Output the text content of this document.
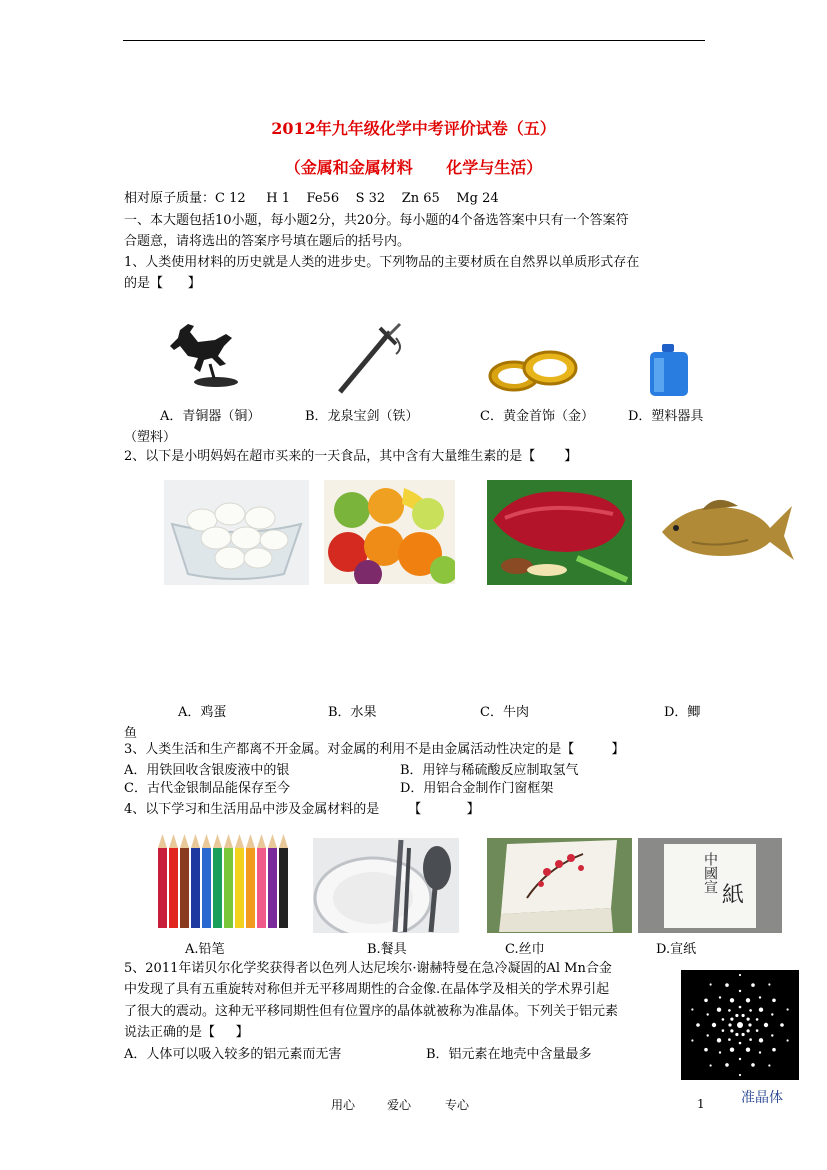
2012年九年级化学中考评价试卷（五）
（金属和金属材料      化学与生活）
相对原子质量：C 12     H 1    Fe56    S 32    Zn 65    Mg 24
一、本大题包括10小题，每小题2分，共20分。每小题的4个备选答案中只有一个答案符
合题意，请将选出的答案序号填在题后的括号内。
1、人类使用材料的历史就是人类的进步史。下列物品的主要材质在自然界以单质形式存在
的是【      】
A．青铜器（铜）	B．龙泉宝剑（铁）	C．黄金首饰（金）	D．塑料器具
（塑料）
2、以下是小明妈妈在超市买来的一天食品，其中含有大量维生素的是【       】
A．鸡蛋	B．水果	C．牛肉	D．鲫
鱼
3、人类生活和生产都离不开金属。对金属的利用不是由金属活动性决定的是【         】
A．用铁回收含银废液中的银	B．用锌与稀硫酸反应制取氢气
C．古代金银制品能保存至今	D．用铝合金制作门窗框架
4、以下学习和生活用品中涉及金属材料的是       【           】
中國宣
紙
A.铅笔	B.餐具	C.丝巾	D.宣纸
5、2011年诺贝尔化学奖获得者以色列人达尼埃尔·谢赫特曼在急冷凝固的Al Mn合金
中发现了具有五重旋转对称但并无平移周期性的合金像.在晶体学及相关的学术界引起
了很大的震动。这种无平移同期性但有位置序的晶体就被称为准晶体。下列关于铝元素
说法正确的是【     】
A．人体可以吸入较多的铝元素而无害	B．铝元素在地壳中含量最多
准晶体
用心	爱心	专心	1
